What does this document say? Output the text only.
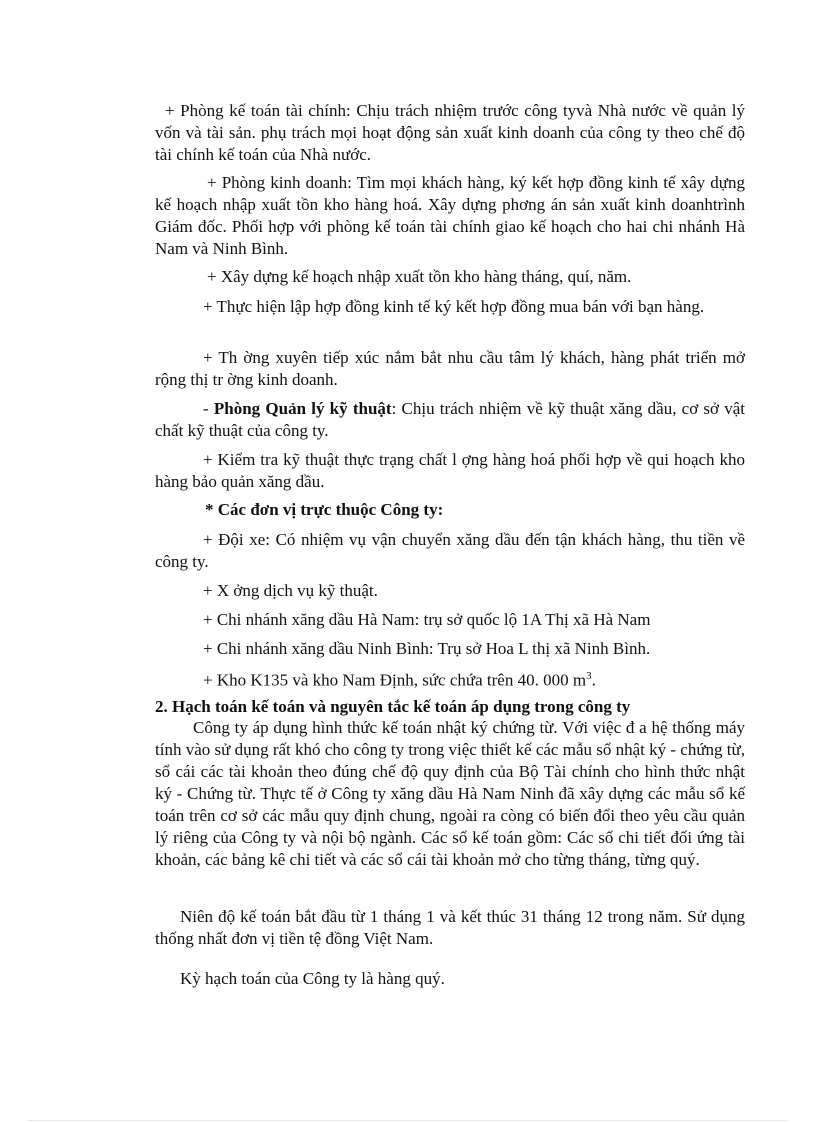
+ Phòng kế toán tài chính: Chịu trách nhiệm trước công tyvà Nhà nước về quản lý vốn và tài sản. phụ trách mọi hoạt động sản xuất kinh doanh của công ty theo chế độ tài chính kế toán của Nhà nước.

+ Phòng kinh doanh: Tìm mọi khách hàng, ký kết hợp đồng kinh tế xây dựng kế hoạch nhập xuất tồn kho hàng hoá. Xây dựng phơng án sản xuất kinh doanhtrình Giám đốc. Phối hợp với phòng kế toán tài chính giao kế hoạch cho hai chi nhánh Hà Nam và Ninh Bình.

+ Xây dựng kế hoạch nhập xuất tồn kho hàng tháng, quí, năm.

+ Thực hiện lập hợp đồng kinh tế ký kết hợp đồng mua bán với bạn hàng.

+ Th ờng xuyên tiếp xúc nắm bắt nhu cầu tâm lý khách, hàng phát triển mở rộng thị tr ờng kinh doanh.

- Phòng Quản lý kỹ thuật: Chịu trách nhiệm về kỹ thuật xăng dầu, cơ sở vật chất kỹ thuật của công ty.

+ Kiểm tra kỹ thuật thực trạng chất l ợng hàng hoá phối hợp về qui hoạch kho hàng bảo quản xăng dầu.

* Các đơn vị trực thuộc Công ty:

+ Đội xe: Có nhiệm vụ vận chuyển xăng dầu đến tận khách hàng, thu tiền về công ty.

+ X ởng dịch vụ kỹ thuật.

+ Chi nhánh xăng dầu Hà Nam: trụ sở quốc lộ 1A Thị xã Hà Nam

+ Chi nhánh xăng dầu Ninh Bình: Trụ sở Hoa L thị xã Ninh Bình.

+ Kho K135 và kho Nam Định, sức chứa trên 40. 000 $m^3$.

2. Hạch toán kế toán và nguyên tắc kế toán áp dụng trong công ty

Công ty áp dụng hình thức kế toán nhật ký chứng từ. Với việc đ a hệ thống máy tính vào sử dụng rất khó cho công ty trong việc thiết kế các mẫu sổ nhật ký - chứng từ, sổ cái các tài khoản theo đúng chế độ quy định của Bộ Tài chính cho hình thức nhật ký - Chứng từ. Thực tế ở Công ty xăng dầu Hà Nam Ninh đã xây dựng các mẫu sổ kế toán trên cơ sở các mẫu quy định chung, ngoài ra còng có biến đổi theo yêu cầu quản lý riêng của Công ty và nội bộ ngành. Các sổ kế toán gồm: Các sổ chi tiết đối ứng tài khoản, các bảng kê chi tiết và các sổ cái tài khoản mở cho từng tháng, từng quý.

Niên độ kế toán bắt đầu từ 1 tháng 1 và kết thúc 31 tháng 12 trong năm. Sử dụng thống nhất đơn vị tiền tệ đồng Việt Nam.

Kỳ hạch toán của Công ty là hàng quý.
